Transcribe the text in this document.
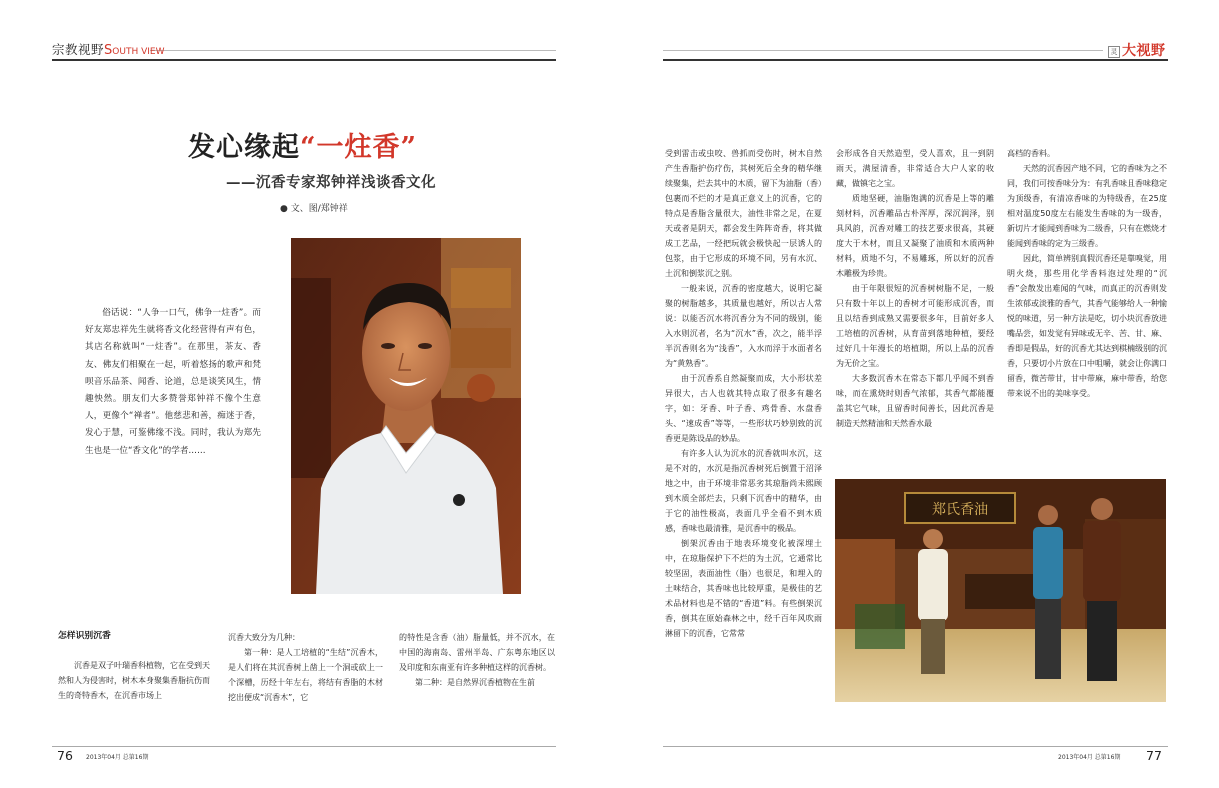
宗教视野SOUTH VIEW	灵 大视野
发心缘起“一炷香”
——沉香专家郑钟祥浅谈香文化
● 文、图/郑钟祥

俗话说：“人争一口气，佛争一炷香”。而好友郑忠祥先生就将香文化经营得有声有色，其店名称就叫“一炷香”。在那里，茶友、香友、佛友们相聚在一起，听着悠扬的歌声和梵呗音乐品茶、闻香、论道，总是谈笑风生，情趣怏然。朋友们大多赞誉郑钟祥不像个生意人，更像个“禅者”。他慈悲和善，痴迷于香，发心于慧，可鉴佛缘不浅。同时，我认为郑先生也是一位“香文化”的学者……

怎样识别沉香

沉香是双子叶瑞香科植物，它在受到天然和人为侵害时，树木本身聚集香脂抗伤而生的奇特香木，在沉香市场上

沉香大致分为几种：

第一种：是人工培植的“生结”沉香木，是人们将在其沉香树上凿上一个洞或砍上一个深槽，历经十年左右，将结有香脂的木材挖出便成“沉香木”，它

的特性是含香（油）脂量低，并不沉水，在中国的海南岛、雷州半岛、广东粤东地区以及印度和东南亚有许多种植这样的沉香树。

第二种：是自然界沉香植物在生前

受到雷击或虫咬、兽抓而受伤时，树木自然产生香脂护伤疗伤，其树死后全身的精华继续聚集，烂去其中的木质，留下为油脂（香）包裹而不烂的才是真正意义上的沉香，它的特点是香脂含量很大，油性非常之足，在夏天或者是阴天，都会发生阵阵奇香，将其做成工艺品，一经把玩就会极快起一层诱人的包浆，由于它形成的环境不同，另有水沉、土沉和倒浆沉之别。

一般来说，沉香的密度越大，说明它凝聚的树脂越多，其质量也越好，所以古人常说：以能否沉水将沉香分为不同的级别，能入水则沉者，名为“沉水”香，次之，能半浮半沉香则名为“浅香”，入水而浮于水面者名为“黄熟香”。

由于沉香系自然凝聚而成，大小形状差异很大，古人也就其特点取了很多有趣名字，如：牙香、叶子香、鸡骨香、水盘香头、“速成香”等等，一些形状巧妙别致的沉香更是陈设品的妙品。

有许多人认为沉水的沉香就叫水沉，这是不对的，水沉是指沉香树死后倒置于沼泽地之中，由于环境非常恶劣其琼脂尚未熙顾到木质全部烂去，只剩下沉香中的精华，由于它的油性极高，表面几乎全看不到木质感，香味也最清雅，是沉香中的极品。

倒架沉香由于地表环境变化被深埋土中，在琼脂保护下不烂的为土沉，它通常比较坚固，表面油性（脂）也很足，和埋入的土味结合，其香味也比较厚重，是极佳的艺术品材料也是不错的“香道”料。有些倒架沉香，倒其在原始森林之中，经千百年风吹雨淋留下的沉香，它常常

会形成各自天然造型，受人喜欢，且一到阴雨天，满屋清香，非常适合大户人家的收藏，做镇宅之宝。

质地坚硬，油脂饱满的沉香是上等的雕刻材料，沉香雕品古朴浑厚，深沉润泽，别具风韵，沉香对雕工的技艺要求很高，其硬度大于木材，而且又凝聚了油质和木质两种材料，质地不匀，不易雕琢，所以好的沉香木雕极为珍贵。

由于年限很短的沉香树树脂不足，一般只有数十年以上的香树才可能形成沉香，而且以结香到成熟又需要很多年，目前好多人工培植的沉香树，从育苗到落地种植，要经过好几十年漫长的培植期，所以上品的沉香为无价之宝。

大多数沉香木在常态下都几乎闻不到香味，而在熏烧时则香气浓郁，其香气都能覆盖其它气味，且留香时间善长，因此沉香是制造天然精油和天然香水最

高档的香料。

天然的沉香因产地不同，它的香味为之不同，我们可按香味分为：有乳香味且香味稳定为顶级香，有清凉香味的为特级香，在25度相对温度50度左右能发生香味的为一级香，新切片才能闻到香味为二级香，只有在燃烧才能闻到香味的定为三级香。

因此，简单辨别真假沉香还是靠嗅觉，用明火烧，那些用化学香料泡过处理的“沉香”会散发出难闻的气味，而真正的沉香则发生浓郁或淡雅的香气，其香气能够给人一种愉悦的味道，另一种方法是吃，切小块沉香放进嘴品尝，如发觉有异味或无辛、苦、甘、麻、香即是假品，好的沉香尤其达到棋楠级别的沉香，只要切小片放在口中咀嚼，就会让你满口留香，微苦带甘，甘中带麻，麻中带香，给您带来说不出的美味享受。

郑氏香油
76 2013年04月 总第16期	2013年04月 总第16期 77
